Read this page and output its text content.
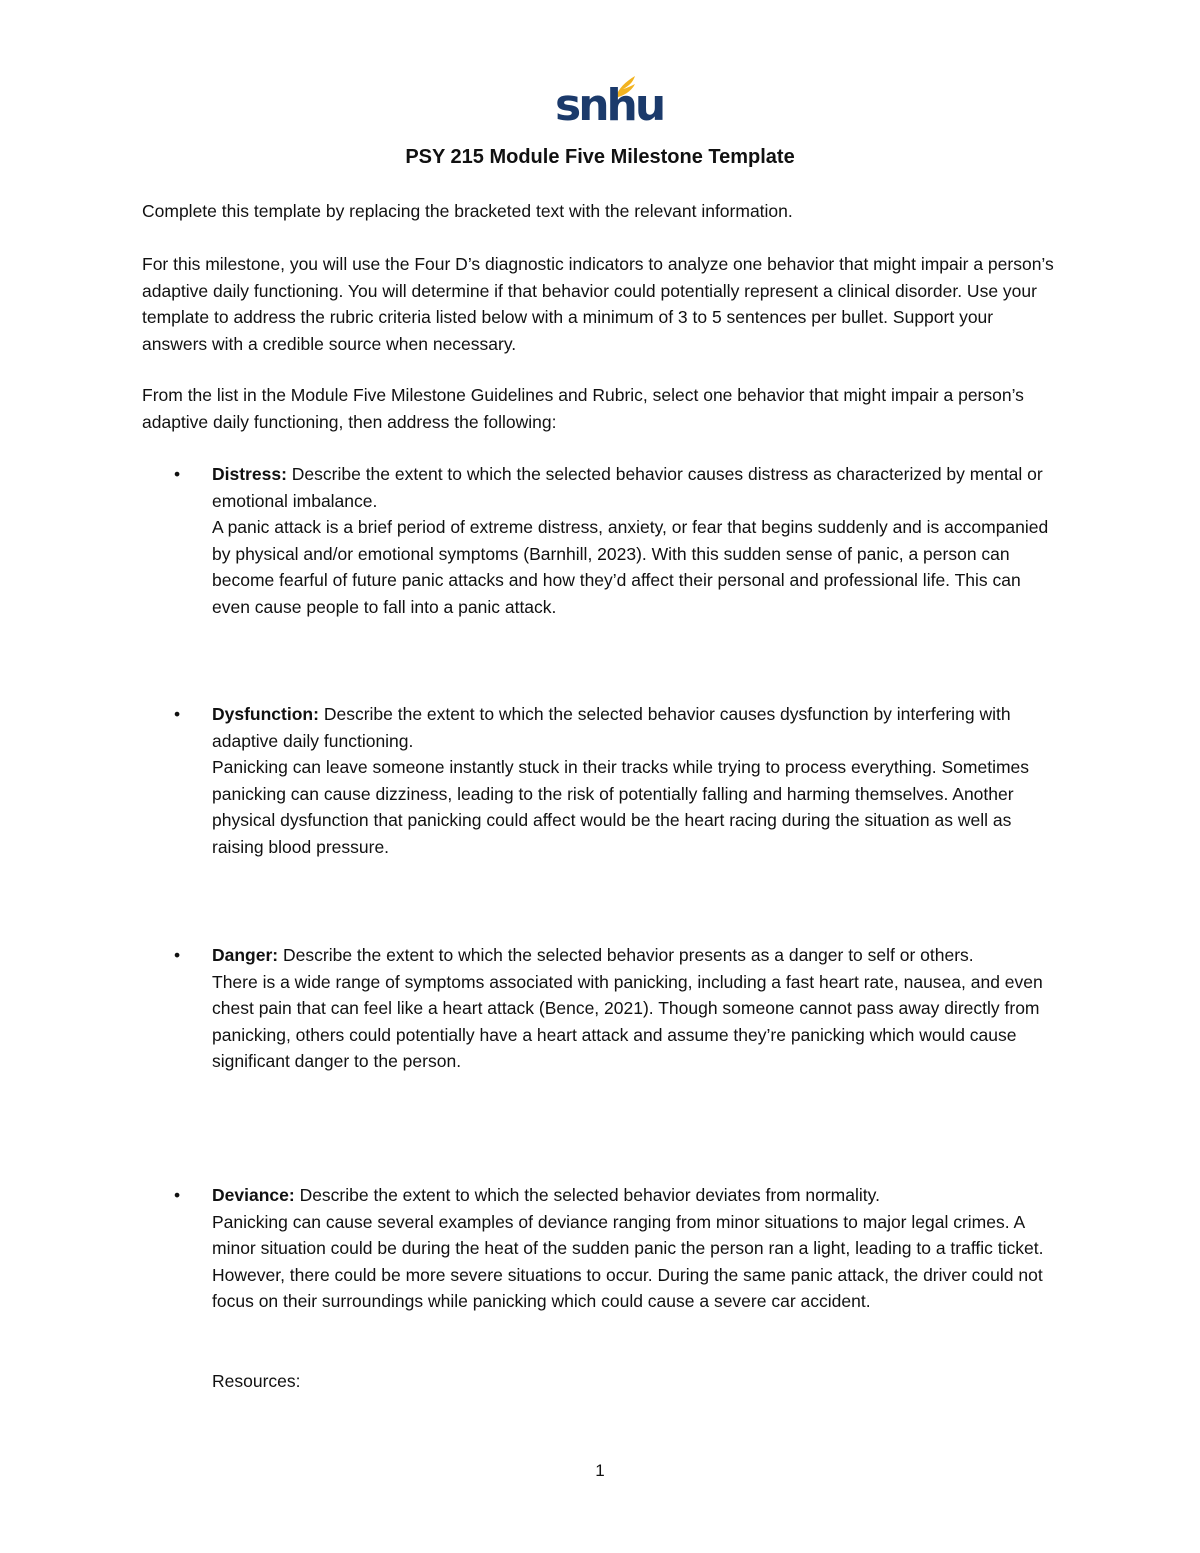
snhu
PSY 215 Module Five Milestone Template

Complete this template by replacing the bracketed text with the relevant information.

For this milestone, you will use the Four D’s diagnostic indicators to analyze one behavior that might impair a person’s adaptive daily functioning. You will determine if that behavior could potentially represent a clinical disorder. Use your template to address the rubric criteria listed below with a minimum of 3 to 5 sentences per bullet. Support your answers with a credible source when necessary.

From the list in the Module Five Milestone Guidelines and Rubric, select one behavior that might impair a person’s adaptive daily functioning, then address the following:

• Distress: Describe the extent to which the selected behavior causes distress as characterized by mental or emotional imbalance.
A panic attack is a brief period of extreme distress, anxiety, or fear that begins suddenly and is accompanied by physical and/or emotional symptoms (Barnhill, 2023). With this sudden sense of panic, a person can become fearful of future panic attacks and how they’d affect their personal and professional life. This can even cause people to fall into a panic attack.
• Dysfunction: Describe the extent to which the selected behavior causes dysfunction by interfering with adaptive daily functioning.
Panicking can leave someone instantly stuck in their tracks while trying to process everything. Sometimes panicking can cause dizziness, leading to the risk of potentially falling and harming themselves. Another physical dysfunction that panicking could affect would be the heart racing during the situation as well as raising blood pressure.
• Danger: Describe the extent to which the selected behavior presents as a danger to self or others.
There is a wide range of symptoms associated with panicking, including a fast heart rate, nausea, and even chest pain that can feel like a heart attack (Bence, 2021). Though someone cannot pass away directly from panicking, others could potentially have a heart attack and assume they’re panicking which would cause significant danger to the person.
• Deviance: Describe the extent to which the selected behavior deviates from normality.
Panicking can cause several examples of deviance ranging from minor situations to major legal crimes. A minor situation could be during the heat of the sudden panic the person ran a light, leading to a traffic ticket. However, there could be more severe situations to occur. During the same panic attack, the driver could not focus on their surroundings while panicking which could cause a severe car accident.
Resources:
1
